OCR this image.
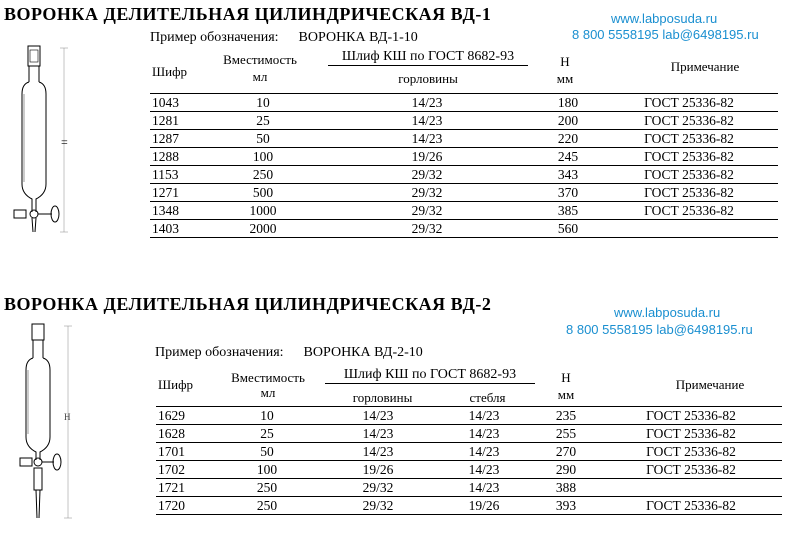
ВОРОНКА ДЕЛИТЕЛЬНАЯ ЦИЛИНДРИЧЕСКАЯ ВД-1	www.labposuda.ru
8 800 5558195 lab@6498195.ru
Пример обозначения: ВОРОНКА ВД-1-10
Шифр
Вместимость
мл
Шлиф КШ по ГОСТ 8682-93
горловины
Н
мм
Примечание
1043	10	14/23	180	ГОСТ 25336-82
1281	25	14/23	200	ГОСТ 25336-82
1287	50	14/23	220	ГОСТ 25336-82
1288	100	19/26	245	ГОСТ 25336-82
1153	250	29/32	343	ГОСТ 25336-82
1271	500	29/32	370	ГОСТ 25336-82
1348	1000	29/32	385	ГОСТ 25336-82
1403	2000	29/32	560	
=
ВОРОНКА ДЕЛИТЕЛЬНАЯ ЦИЛИНДРИЧЕСКАЯ ВД-2	www.labposuda.ru
8 800 5558195 lab@6498195.ru
Пример обозначения: ВОРОНКА ВД-2-10
Шифр	Вместимость
мл
Шлиф КШ по ГОСТ 8682-93
горловины	стебля
Н
мм
Примечание
1629	10	14/23	14/23	235	ГОСТ 25336-82
1628	25	14/23	14/23	255	ГОСТ 25336-82
1701	50	14/23	14/23	270	ГОСТ 25336-82
1702	100	19/26	14/23	290	ГОСТ 25336-82
1721	250	29/32	14/23	388	
1720	250	29/32	19/26	393	ГОСТ 25336-82
H
